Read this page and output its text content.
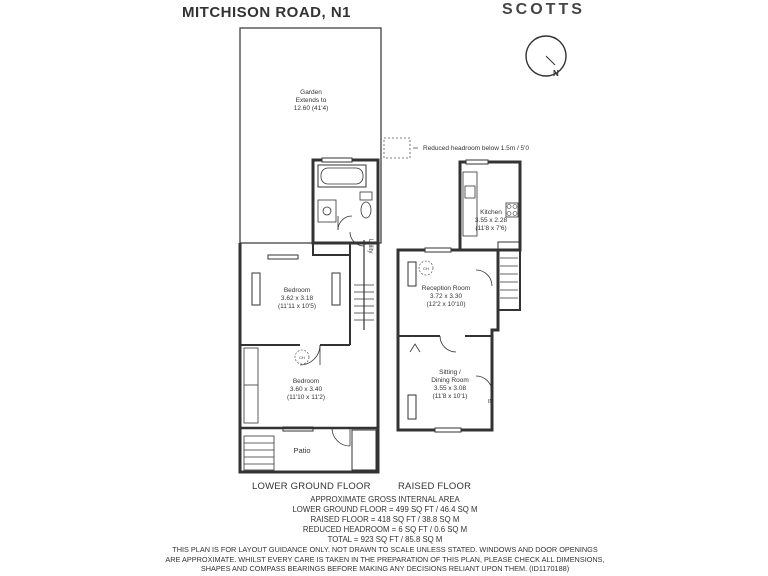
MITCHISON ROAD, N1	SCOTTS
N
Garden
Extends to
12.60 (41'4)
Utility
Bedroom
3.62 x 3.18
(11'11 x 10'5)
CH
Bedroom
3.60 x 3.40
(11'10 x 11'2)
Patio
Reduced headroom below 1.5m / 5'0
Kitchen
3.55 x 2.28
(11'8 x 7'6)
CH
Reception Room
3.72 x 3.30
(12'2 x 10'10)
Sitting /
Dining Room
3.55 x 3.08
(11'8 x 10'1)
IN
LOWER GROUND FLOOR	RAISED FLOOR
APPROXIMATE GROSS INTERNAL AREA
LOWER GROUND FLOOR = 499 SQ FT / 46.4 SQ M
RAISED FLOOR = 418 SQ FT / 38.8 SQ M
REDUCED HEADROOM = 6 SQ FT / 0.6 SQ M
TOTAL = 923 SQ FT / 85.8 SQ M
THIS PLAN IS FOR LAYOUT GUIDANCE ONLY. NOT DRAWN TO SCALE UNLESS STATED. WINDOWS AND DOOR OPENINGS
ARE APPROXIMATE. WHILST EVERY CARE IS TAKEN IN THE PREPARATION OF THIS PLAN, PLEASE CHECK ALL DIMENSIONS,
SHAPES AND COMPASS BEARINGS BEFORE MAKING ANY DECISIONS RELIANT UPON THEM. (ID1170188)
